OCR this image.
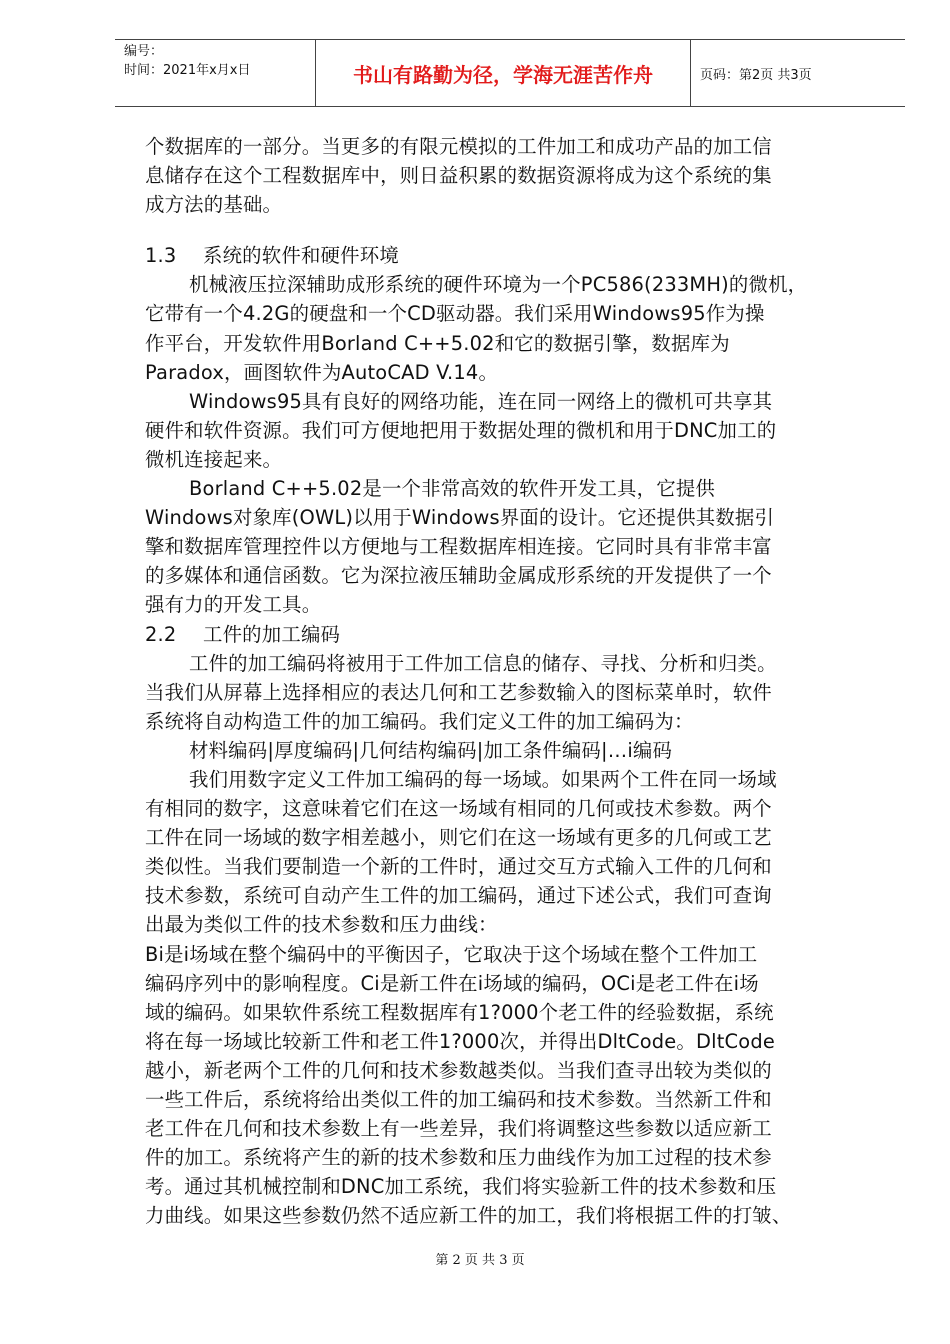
编号：
时间：2021年x月x日	书山有路勤为径，学海无涯苦作舟	页码：第2页 共3页

个数据库的一部分。当更多的有限元模拟的工件加工和成功产品的加工信

息储存在这个工程数据库中，则日益积累的数据资源将成为这个系统的集

成方法的基础。

1.3 系统的软件和硬件环境

机械液压拉深辅助成形系统的硬件环境为一个PC586(233MH)的微机，

它带有一个4.2G的硬盘和一个CD驱动器。我们采用Windows95作为操

作平台，开发软件用Borland C++5.02和它的数据引擎，数据库为

Paradox，画图软件为AutoCAD V.14。

Windows95具有良好的网络功能，连在同一网络上的微机可共享其

硬件和软件资源。我们可方便地把用于数据处理的微机和用于DNC加工的

微机连接起来。

Borland C++5.02是一个非常高效的软件开发工具，它提供

Windows对象库(OWL)以用于Windows界面的设计。它还提供其数据引

擎和数据库管理控件以方便地与工程数据库相连接。它同时具有非常丰富

的多媒体和通信函数。它为深拉液压辅助金属成形系统的开发提供了一个

强有力的开发工具。

2.2 工件的加工编码

工件的加工编码将被用于工件加工信息的储存、寻找、分析和归类。

当我们从屏幕上选择相应的表达几何和工艺参数输入的图标菜单时，软件

系统将自动构造工件的加工编码。我们定义工件的加工编码为：

材料编码|厚度编码|几何结构编码|加工条件编码|…i编码

我们用数字定义工件加工编码的每一场域。如果两个工件在同一场域

有相同的数字，这意味着它们在这一场域有相同的几何或技术参数。两个

工件在同一场域的数字相差越小，则它们在这一场域有更多的几何或工艺

类似性。当我们要制造一个新的工件时，通过交互方式输入工件的几何和

技术参数，系统可自动产生工件的加工编码，通过下述公式，我们可查询

出最为类似工件的技术参数和压力曲线：

Bi是i场域在整个编码中的平衡因子，它取决于这个场域在整个工件加工

编码序列中的影响程度。Ci是新工件在i场域的编码，OCi是老工件在i场

域的编码。如果软件系统工程数据库有1?000个老工件的经验数据，系统

将在每一场域比较新工件和老工件1?000次，并得出DltCode。DltCode

越小，新老两个工件的几何和技术参数越类似。当我们查寻出较为类似的

一些工件后，系统将给出类似工件的加工编码和技术参数。当然新工件和

老工件在几何和技术参数上有一些差异，我们将调整这些参数以适应新工

件的加工。系统将产生的新的技术参数和压力曲线作为加工过程的技术参

考。通过其机械控制和DNC加工系统，我们将实验新工件的技术参数和压

力曲线。如果这些参数仍然不适应新工件的加工，我们将根据工件的打皱、

第 2 页 共 3 页
